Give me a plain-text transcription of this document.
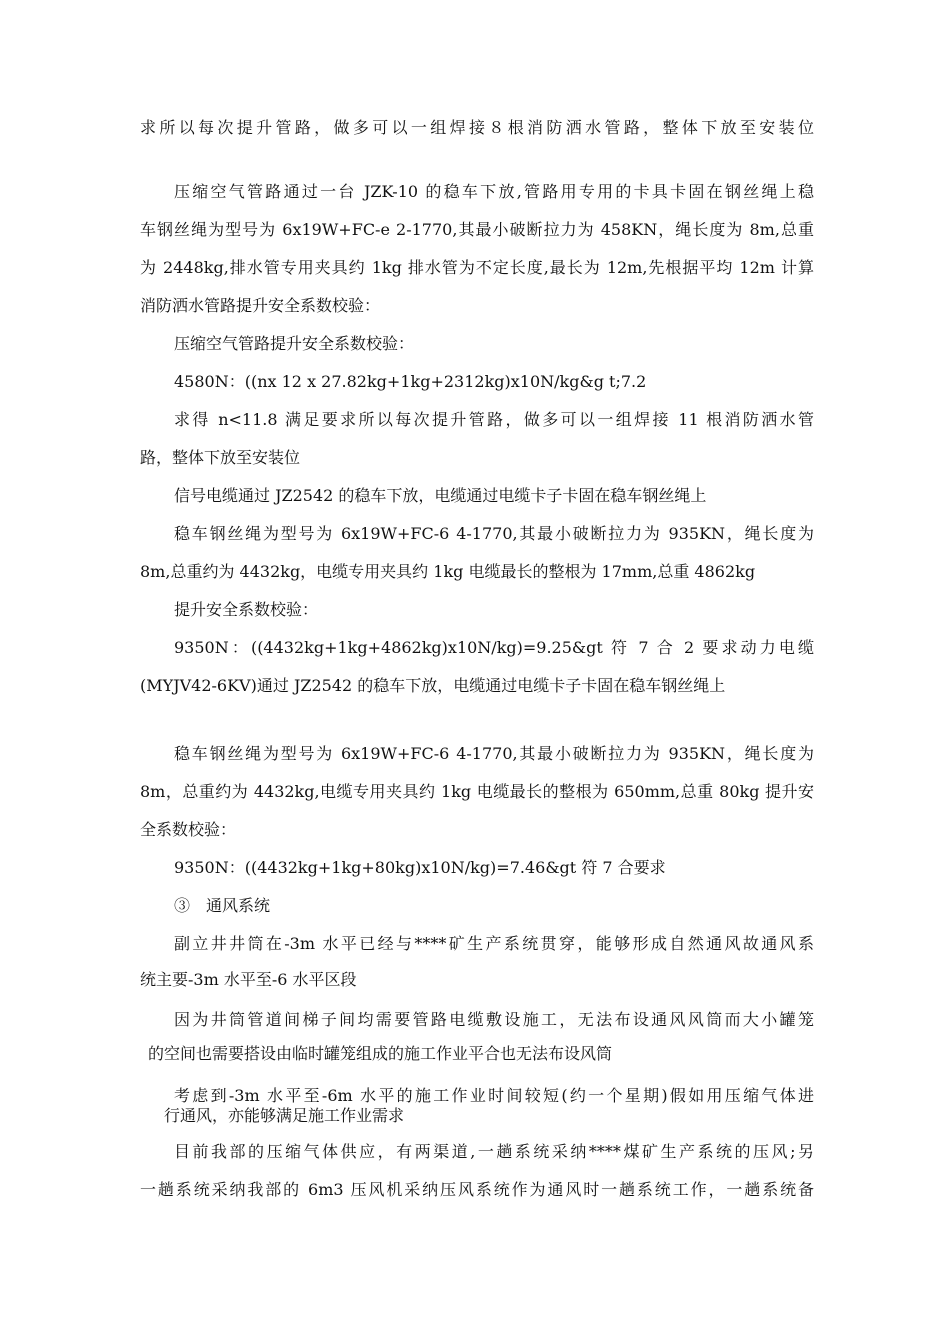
求所以每次提升管路，做多可以一组焊接８根消防洒水管路，整体下放至安装位
压缩空气管路通过一台 JZK-10 的稳车下放,管路用专用的卡具卡固在钢丝绳上稳
车钢丝绳为型号为 6x19W+FC-e 2-1770,其最小破断拉力为 458KN，绳长度为 8m,总重
为 2448kg,排水管专用夹具约 1kg 排水管为不定长度,最长为 12m,先根据平均 12m 计算
消防洒水管路提升安全系数校验：
压缩空气管路提升安全系数校验：
4580N：((nx 12 x 27.82kg+1kg+2312kg)x10N/kg&g t;7.2
求得 n<11.8 满足要求所以每次提升管路，做多可以一组焊接 11 根消防洒水管
路，整体下放至安装位
信号电缆通过 JZ2542 的稳车下放，电缆通过电缆卡子卡固在稳车钢丝绳上
稳车钢丝绳为型号为 6x19W+FC-6 4-1770,其最小破断拉力为 935KN，绳长度为
8m,总重约为 4432kg，电缆专用夹具约 1kg 电缆最长的整根为 17mm,总重 4862kg
提升安全系数校验：
9350N：((4432kg+1kg+4862kg)x10N/kg)=9.25&gt 符 7 合 2 要求动力电缆
(MYJV42-6KV)通过 JZ2542 的稳车下放，电缆通过电缆卡子卡固在稳车钢丝绳上
稳车钢丝绳为型号为 6x19W+FC-6 4-1770,其最小破断拉力为 935KN，绳长度为
8m，总重约为 4432kg,电缆专用夹具约 1kg 电缆最长的整根为 650mm,总重 80kg 提升安
全系数校验：
9350N：((4432kg+1kg+80kg)x10N/kg)=7.46&gt 符 7 合要求
③　通风系统
副立井井筒在-3m 水平已经与****矿生产系统贯穿，能够形成自然通风故通风系
统主要-3m 水平至-6 水平区段
因为井筒管道间梯子间均需要管路电缆敷设施工，无法布设通风风筒而大小罐笼
的空间也需要搭设由临时罐笼组成的施工作业平合也无法布设风筒
考虑到-3m 水平至-6m 水平的施工作业时间较短(约一个星期)假如用压缩气体进
行通风，亦能够满足施工作业需求
目前我部的压缩气体供应，有两渠道,一趟系统采纳****煤矿生产系统的压风;另
一趟系统采纳我部的 6m3 压风机采纳压风系统作为通风时一趟系统工作，一趟系统备
